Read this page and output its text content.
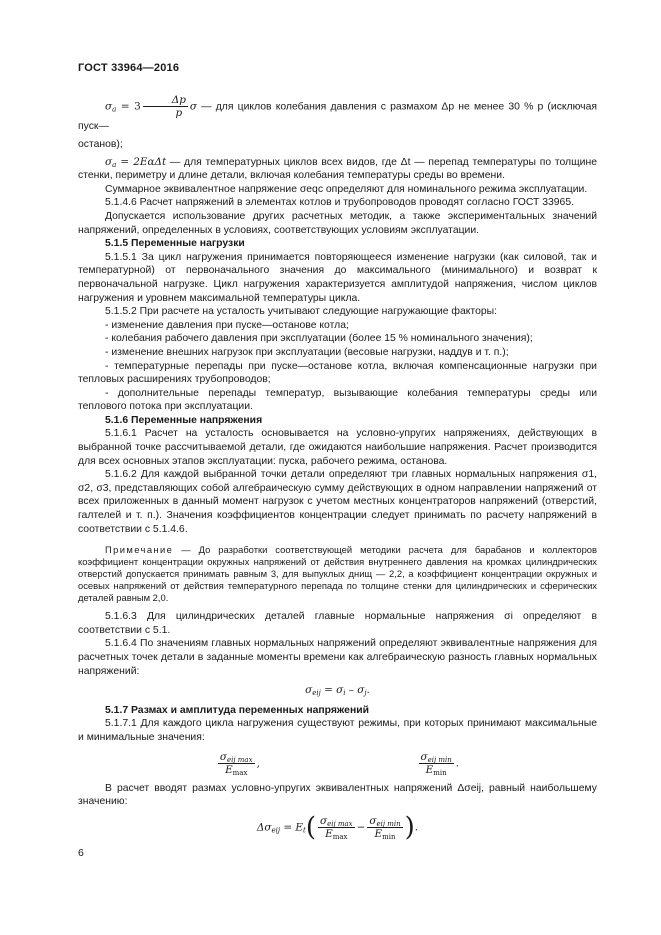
ГОСТ 33964—2016

$\sigma_a = 3 \frac{\Delta p}{p}$ σ — для циклов колебания давления с размахом Δp не менее 30 % p (исключая пуск—

останов);

$\sigma_a = 2E\alpha\Delta t$ — для температурных циклов всех видов, где Δt — перепад температуры по толщине стенки, периметру и длине детали, включая колебания температуры среды во времени.

Суммарное эквивалентное напряжение σeqc определяют для номинального режима эксплуатации.

5.1.4.6 Расчет напряжений в элементах котлов и трубопроводов проводят согласно ГОСТ 33965.

Допускается использование других расчетных методик, а также экспериментальных значений напряжений, определенных в условиях, соответствующих условиям эксплуатации.

5.1.5 Переменные нагрузки

5.1.5.1 За цикл нагружения принимается повторяющееся изменение нагрузки (как силовой, так и температурной) от первоначального значения до максимального (минимального) и возврат к первоначальной нагрузке. Цикл нагружения характеризуется амплитудой напряжения, числом циклов нагружения и уровнем максимальной температуры цикла.

5.1.5.2 При расчете на усталость учитывают следующие нагружающие факторы:

- изменение давления при пуске—останове котла;

- колебания рабочего давления при эксплуатации (более 15 % номинального значения);

- изменение внешних нагрузок при эксплуатации (весовые нагрузки, наддув и т. п.);

- температурные перепады при пуске—останове котла, включая компенсационные нагрузки при тепловых расширениях трубопроводов;

- дополнительные перепады температур, вызывающие колебания температуры среды или теплового потока при эксплуатации.

5.1.6 Переменные напряжения

5.1.6.1 Расчет на усталость основывается на условно-упругих напряжениях, действующих в выбранной точке рассчитываемой детали, где ожидаются наибольшие напряжения. Расчет производится для всех основных этапов эксплуатации: пуска, рабочего режима, останова.

5.1.6.2 Для каждой выбранной точки детали определяют три главных нормальных напряжения σ1, σ2, σ3, представляющих собой алгебраическую сумму действующих в одном направлении напряжений от всех приложенных в данный момент нагрузок с учетом местных концентраторов напряжений (отверстий, галтелей и т. п.). Значения коэффициентов концентрации следует принимать по расчету напряжений в соответствии с 5.1.4.6.

Примечание — До разработки соответствующей методики расчета для барабанов и коллекторов коэффициент концентрации окружных напряжений от действия внутреннего давления на кромках цилиндрических отверстий допускается принимать равным 3, для выпуклых днищ — 2,2, а коэффициент концентрации окружных и осевых напряжений от действия температурного перепада по толщине стенки для цилиндрических и сферических деталей равным 2,0.

5.1.6.3 Для цилиндрических деталей главные нормальные напряжения σi определяют в соответствии с 5.1.

5.1.6.4 По значениям главных нормальных напряжений определяют эквивалентные напряжения для расчетных точек детали в заданные моменты времени как алгебраическую разность главных нормальных напряжений:

$\sigma_{eij} = \sigma_i - \sigma_j$.

5.1.7 Размах и амплитуда переменных напряжений

5.1.7.1 Для каждого цикла нагружения существуют режимы, при которых принимают максимальные и минимальные значения:

$\frac{\sigma_{eij max}}{E_{max}}$ ,	$\frac{\sigma_{eij min}}{E_{min}}$ .

В расчет вводят размах условно-упругих эквивалентных напряжений Δσeij, равный наибольшему значению:

$\Delta\sigma_{eij} = E_t( \frac{\sigma_{eij max}}{E_{max}} - \frac{\sigma_{eij min}}{E_{min}}$ ).

6
